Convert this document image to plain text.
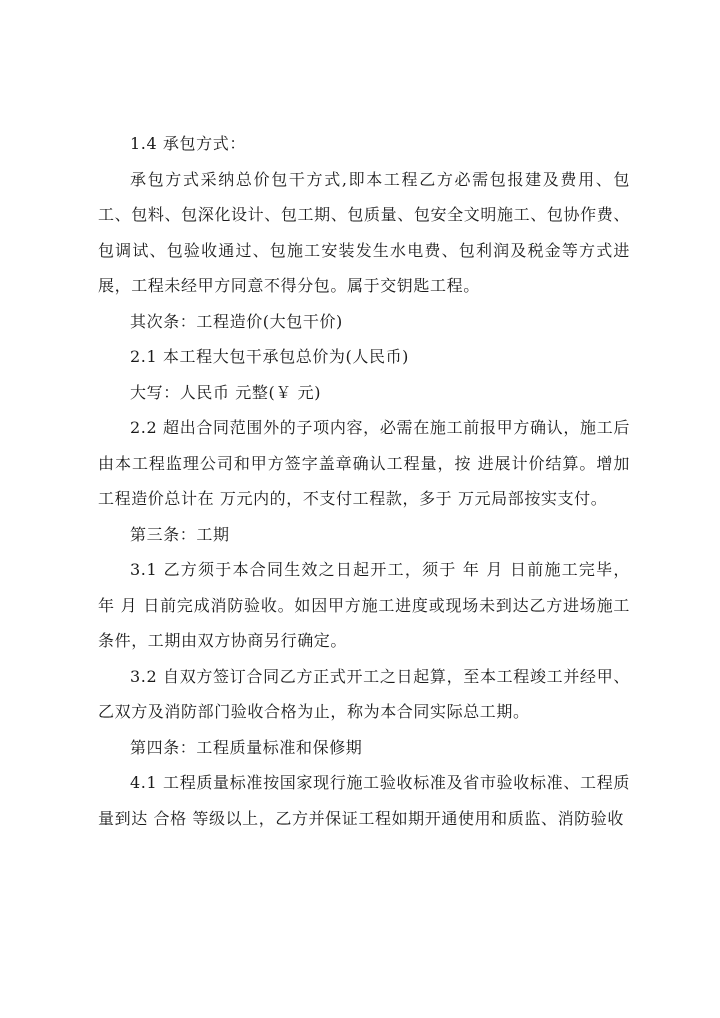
1.4 承包方式：

承包方式采纳总价包干方式,即本工程乙方必需包报建及费用、包工、包料、包深化设计、包工期、包质量、包安全文明施工、包协作费、包调试、包验收通过、包施工安装发生水电费、包利润及税金等方式进展，工程未经甲方同意不得分包。属于交钥匙工程。

其次条：工程造价(大包干价)

2.1 本工程大包干承包总价为(人民币)

大写：人民币 元整(￥ 元)

2.2 超出合同范围外的子项内容，必需在施工前报甲方确认，施工后由本工程监理公司和甲方签字盖章确认工程量，按 进展计价结算。增加工程造价总计在 万元内的，不支付工程款，多于 万元局部按实支付。

第三条：工期

3.1 乙方须于本合同生效之日起开工，须于 年 月 日前施工完毕， 年 月 日前完成消防验收。如因甲方施工进度或现场未到达乙方进场施工条件，工期由双方协商另行确定。

3.2 自双方签订合同乙方正式开工之日起算，至本工程竣工并经甲、乙双方及消防部门验收合格为止，称为本合同实际总工期。

第四条：工程质量标准和保修期

4.1 工程质量标准按国家现行施工验收标准及省市验收标准、工程质量到达 合格 等级以上，乙方并保证工程如期开通使用和质监、消防验收
